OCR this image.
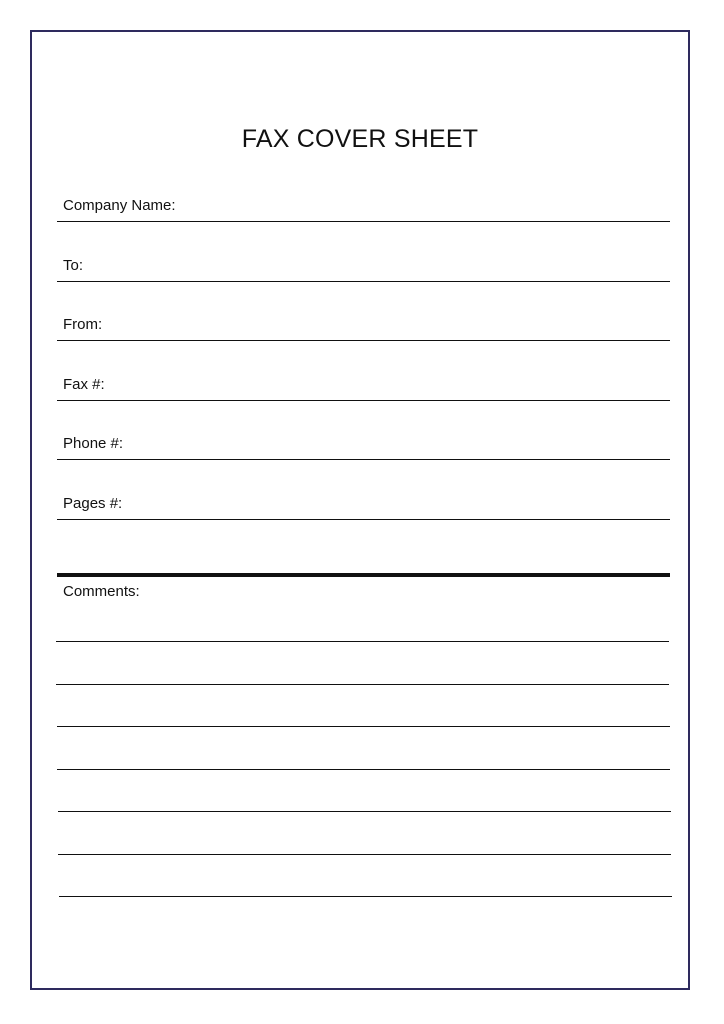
FAX COVER SHEET
Company Name:
To:
From:
Fax #:
Phone #:
Pages #:
Comments:
